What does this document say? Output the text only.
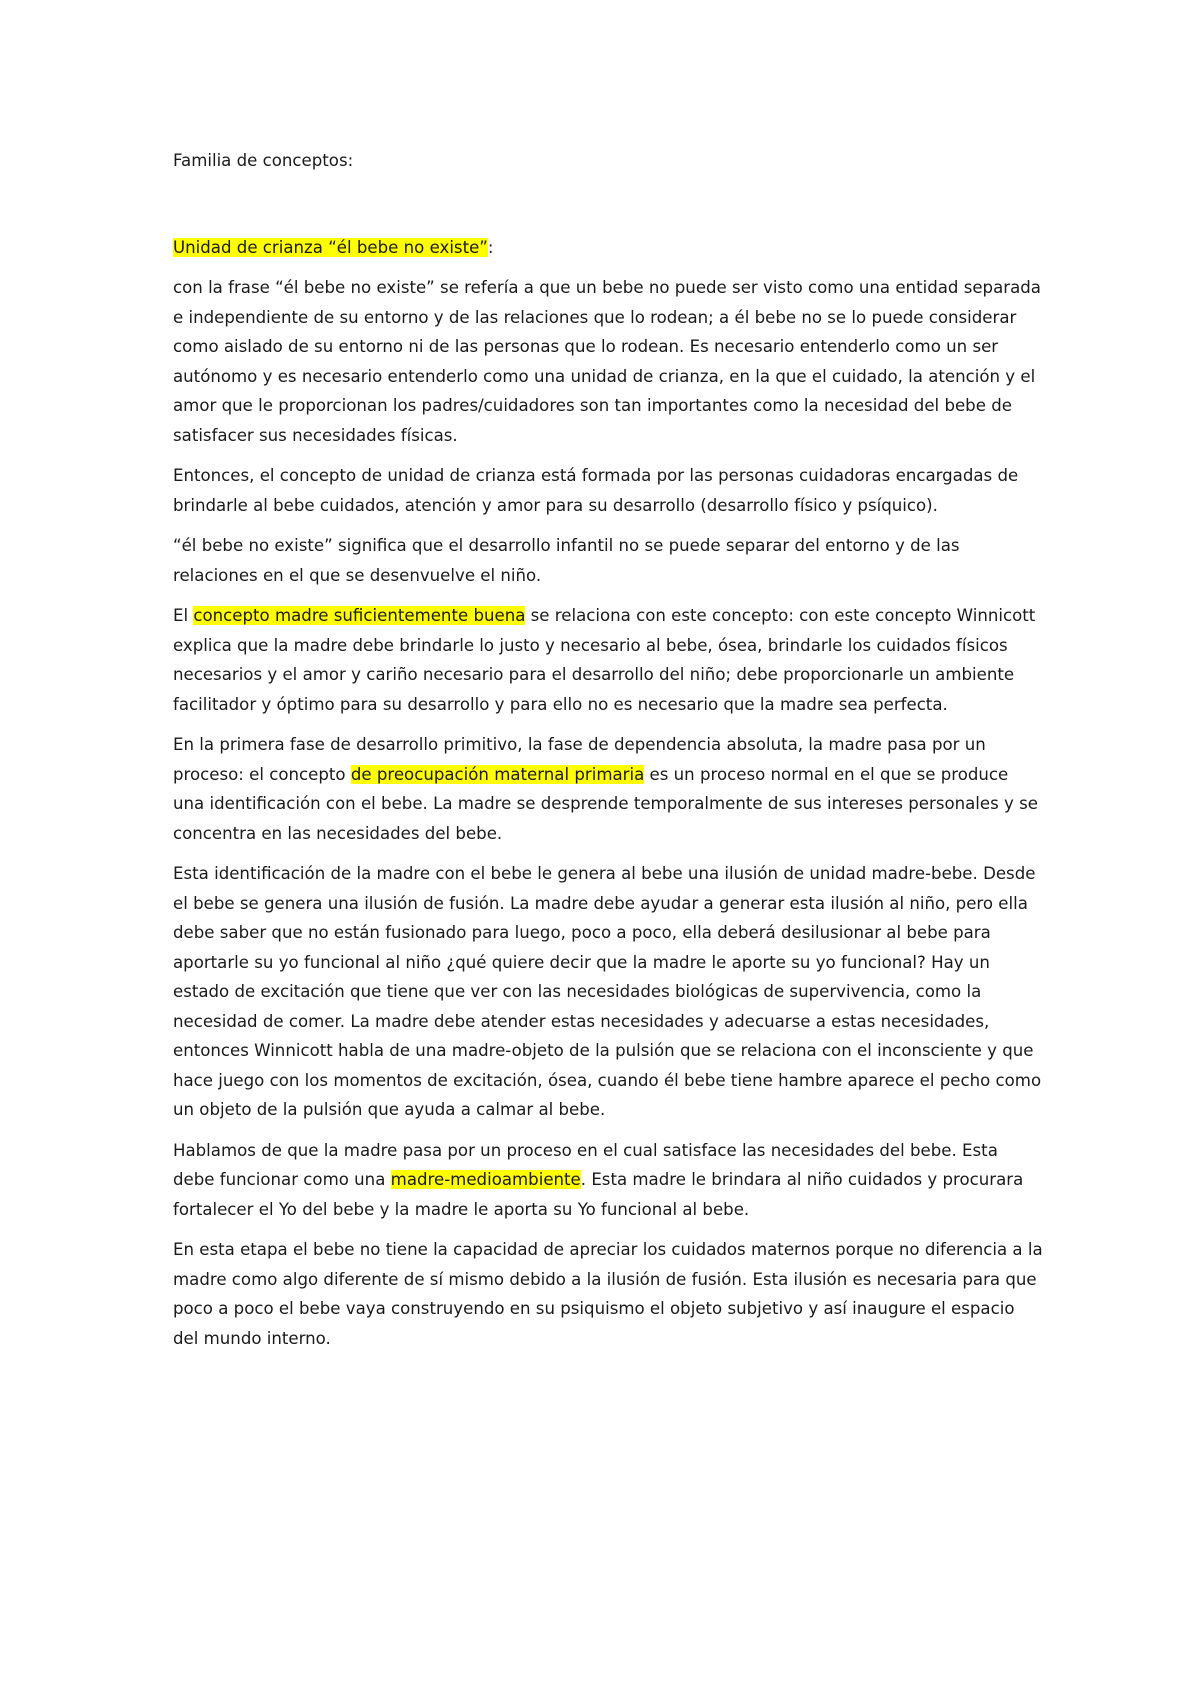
Familia de conceptos:

Unidad de crianza “él bebe no existe”:

con la frase “él bebe no existe” se refería a que un bebe no puede ser visto como una entidad separada e independiente de su entorno y de las relaciones que lo rodean; a él bebe no se lo puede considerar como aislado de su entorno ni de las personas que lo rodean. Es necesario entenderlo como un ser autónomo y es necesario entenderlo como una unidad de crianza, en la que el cuidado, la atención y el amor que le proporcionan los padres/cuidadores son tan importantes como la necesidad del bebe de satisfacer sus necesidades físicas.

Entonces, el concepto de unidad de crianza está formada por las personas cuidadoras encargadas de brindarle al bebe cuidados, atención y amor para su desarrollo (desarrollo físico y psíquico).

“él bebe no existe” significa que el desarrollo infantil no se puede separar del entorno y de las relaciones en el que se desenvuelve el niño.

El concepto madre suficientemente buena se relaciona con este concepto: con este concepto Winnicott explica que la madre debe brindarle lo justo y necesario al bebe, ósea, brindarle los cuidados físicos necesarios y el amor y cariño necesario para el desarrollo del niño; debe proporcionarle un ambiente facilitador y óptimo para su desarrollo y para ello no es necesario que la madre sea perfecta.

En la primera fase de desarrollo primitivo, la fase de dependencia absoluta, la madre pasa por un proceso: el concepto de preocupación maternal primaria es un proceso normal en el que se produce una identificación con el bebe. La madre se desprende temporalmente de sus intereses personales y se concentra en las necesidades del bebe.

Esta identificación de la madre con el bebe le genera al bebe una ilusión de unidad madre-bebe. Desde el bebe se genera una ilusión de fusión. La madre debe ayudar a generar esta ilusión al niño, pero ella debe saber que no están fusionado para luego, poco a poco, ella deberá desilusionar al bebe para aportarle su yo funcional al niño ¿qué quiere decir que la madre le aporte su yo funcional? Hay un estado de excitación que tiene que ver con las necesidades biológicas de supervivencia, como la necesidad de comer. La madre debe atender estas necesidades y adecuarse a estas necesidades, entonces Winnicott habla de una madre-objeto de la pulsión que se relaciona con el inconsciente y que hace juego con los momentos de excitación, ósea, cuando él bebe tiene hambre aparece el pecho como un objeto de la pulsión que ayuda a calmar al bebe.

Hablamos de que la madre pasa por un proceso en el cual satisface las necesidades del bebe. Esta debe funcionar como una madre-medioambiente. Esta madre le brindara al niño cuidados y procurara fortalecer el Yo del bebe y la madre le aporta su Yo funcional al bebe.

En esta etapa el bebe no tiene la capacidad de apreciar los cuidados maternos porque no diferencia a la madre como algo diferente de sí mismo debido a la ilusión de fusión. Esta ilusión es necesaria para que poco a poco el bebe vaya construyendo en su psiquismo el objeto subjetivo y así inaugure el espacio del mundo interno.
